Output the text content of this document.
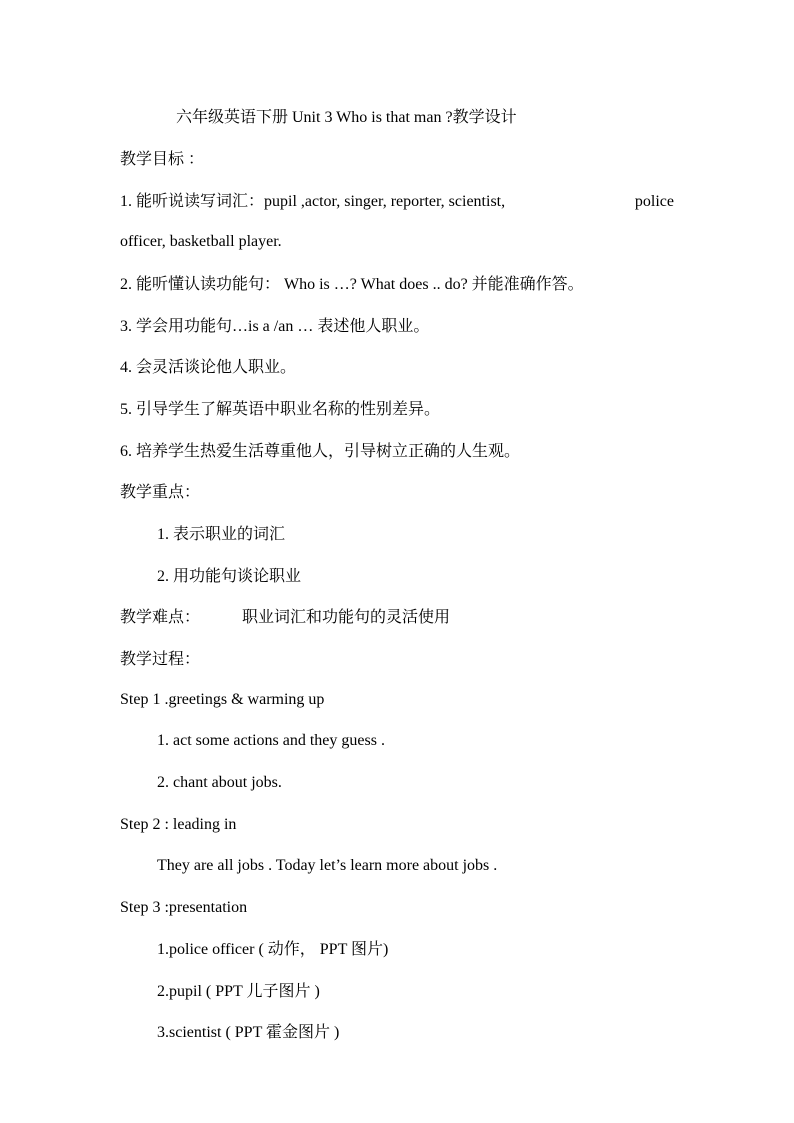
六年级英语下册 Unit 3 Who is that man ?教学设计
教学目标 ：
1. 能听说读写词汇：pupil ,actor, singer, reporter, scientist,	police
officer, basketball player.
2. 能听懂认读功能句： Who is …? What does .. do? 并能准确作答。
3. 学会用功能句…is a /an … 表述他人职业。
4. 会灵活谈论他人职业。
5. 引导学生了解英语中职业名称的性别差异。
6. 培养学生热爱生活尊重他人，引导树立正确的人生观。
教学重点：
1. 表示职业的词汇
2. 用功能句谈论职业
教学难点：	职业词汇和功能句的灵活使用
教学过程：
Step 1 .greetings & warming up
1. act some actions and they guess .
2. chant about jobs.
Step 2 : leading in
They are all jobs . Today let’s learn more about jobs .
Step 3 :presentation
1.police officer ( 动作， PPT 图片)
2.pupil ( PPT 儿子图片 )
3.scientist ( PPT 霍金图片 )
